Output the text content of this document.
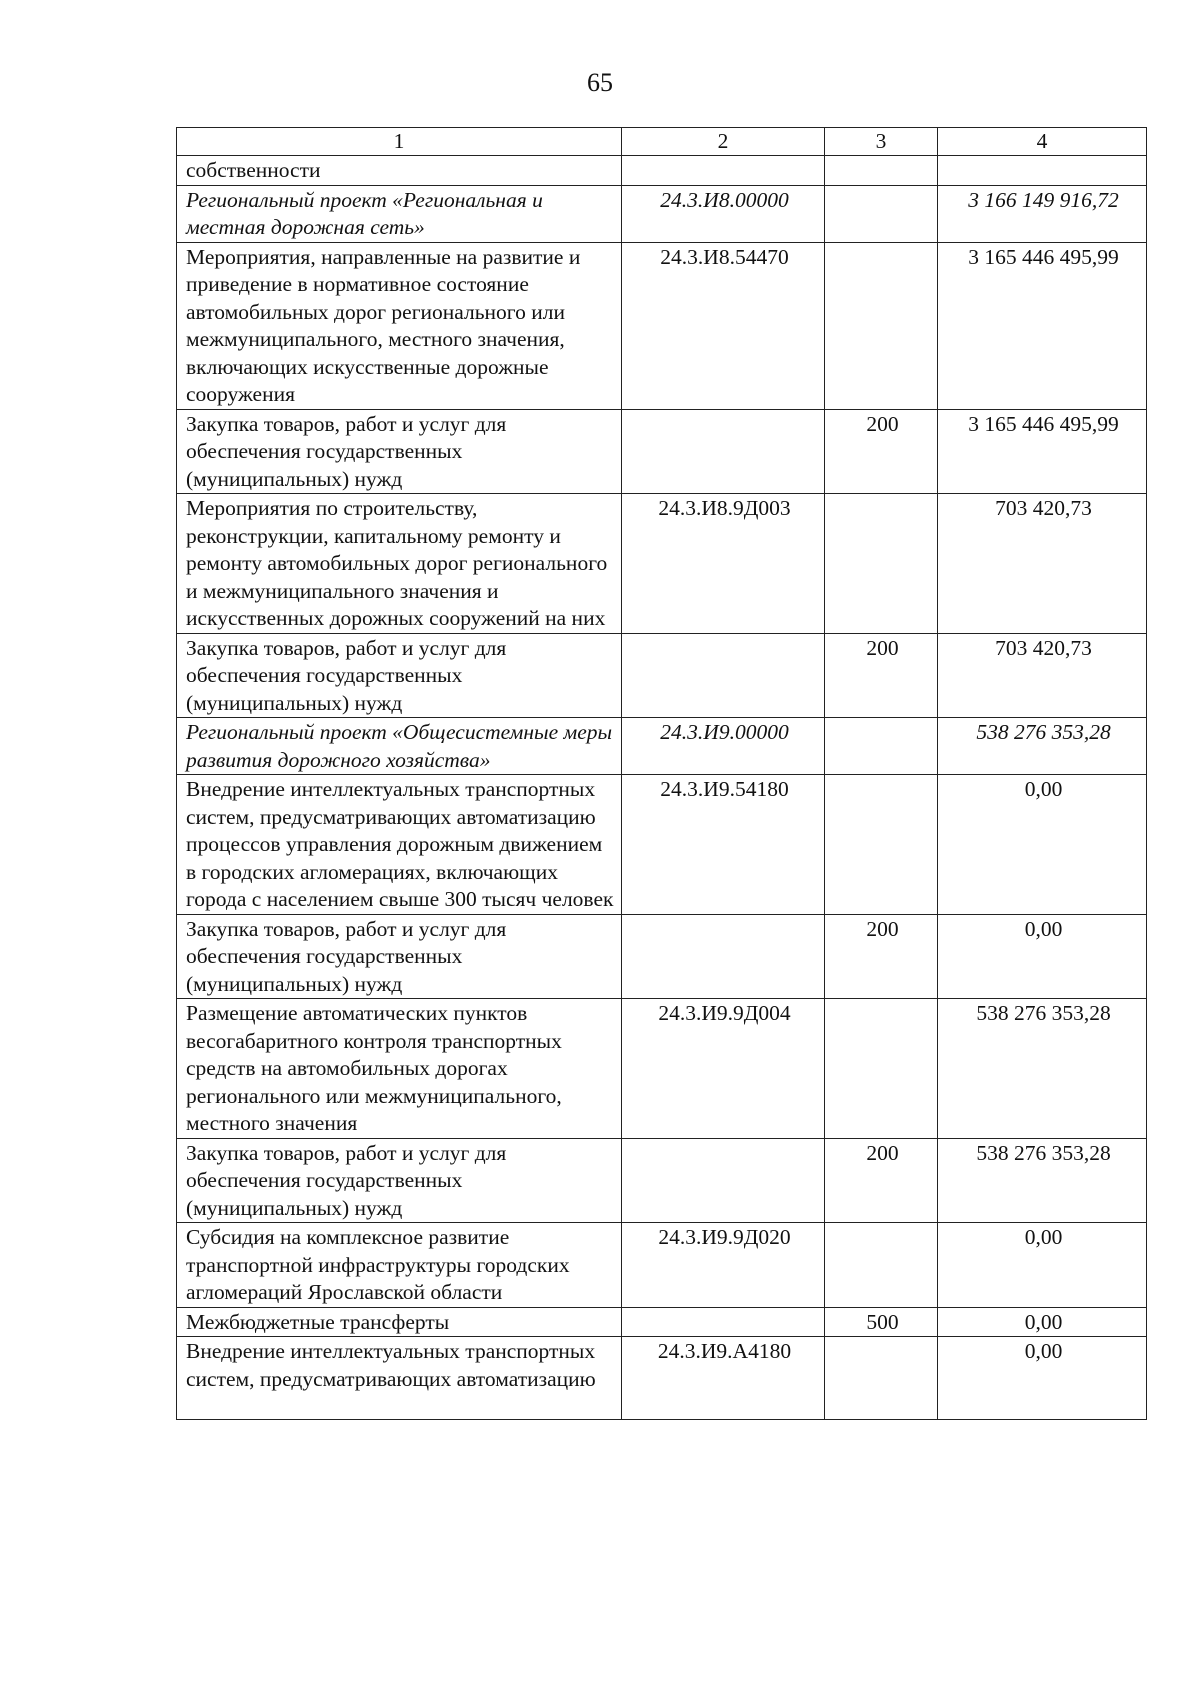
65
1	2	3	4
собственности			
Региональный проект «Региональная и местная дорожная сеть»	24.3.И8.00000		3 166 149 916,72
Мероприятия, направленные на развитие и приведение в нормативное состояние автомобильных дорог регионального или межмуниципального, местного значения, включающих искусственные дорожные сооружения	24.3.И8.54470		3 165 446 495,99
Закупка товаров, работ и услуг для обеспечения государственных (муниципальных) нужд		200	3 165 446 495,99
Мероприятия по строительству, реконструкции, капитальному ремонту и ремонту автомобильных дорог регионального и межмуниципального значения и искусственных дорожных сооружений на них	24.3.И8.9Д003		703 420,73
Закупка товаров, работ и услуг для обеспечения государственных (муниципальных) нужд		200	703 420,73
Региональный проект «Общесистемные меры развития дорожного хозяйства»	24.3.И9.00000		538 276 353,28
Внедрение интеллектуальных транспортных систем, предусматривающих автоматизацию процессов управления дорожным движением в городских агломерациях, включающих города с населением свыше 300 тысяч человек	24.3.И9.54180		0,00
Закупка товаров, работ и услуг для обеспечения государственных (муниципальных) нужд		200	0,00
Размещение автоматических пунктов весогабаритного контроля транспортных средств на автомобильных дорогах регионального или межмуниципального, местного значения	24.3.И9.9Д004		538 276 353,28
Закупка товаров, работ и услуг для обеспечения государственных (муниципальных) нужд		200	538 276 353,28
Субсидия на комплексное развитие транспортной инфраструктуры городских агломераций Ярославской области	24.3.И9.9Д020		0,00
Межбюджетные трансферты		500	0,00
Внедрение интеллектуальных транспортных систем, предусматривающих автоматизацию	24.3.И9.А4180		0,00
